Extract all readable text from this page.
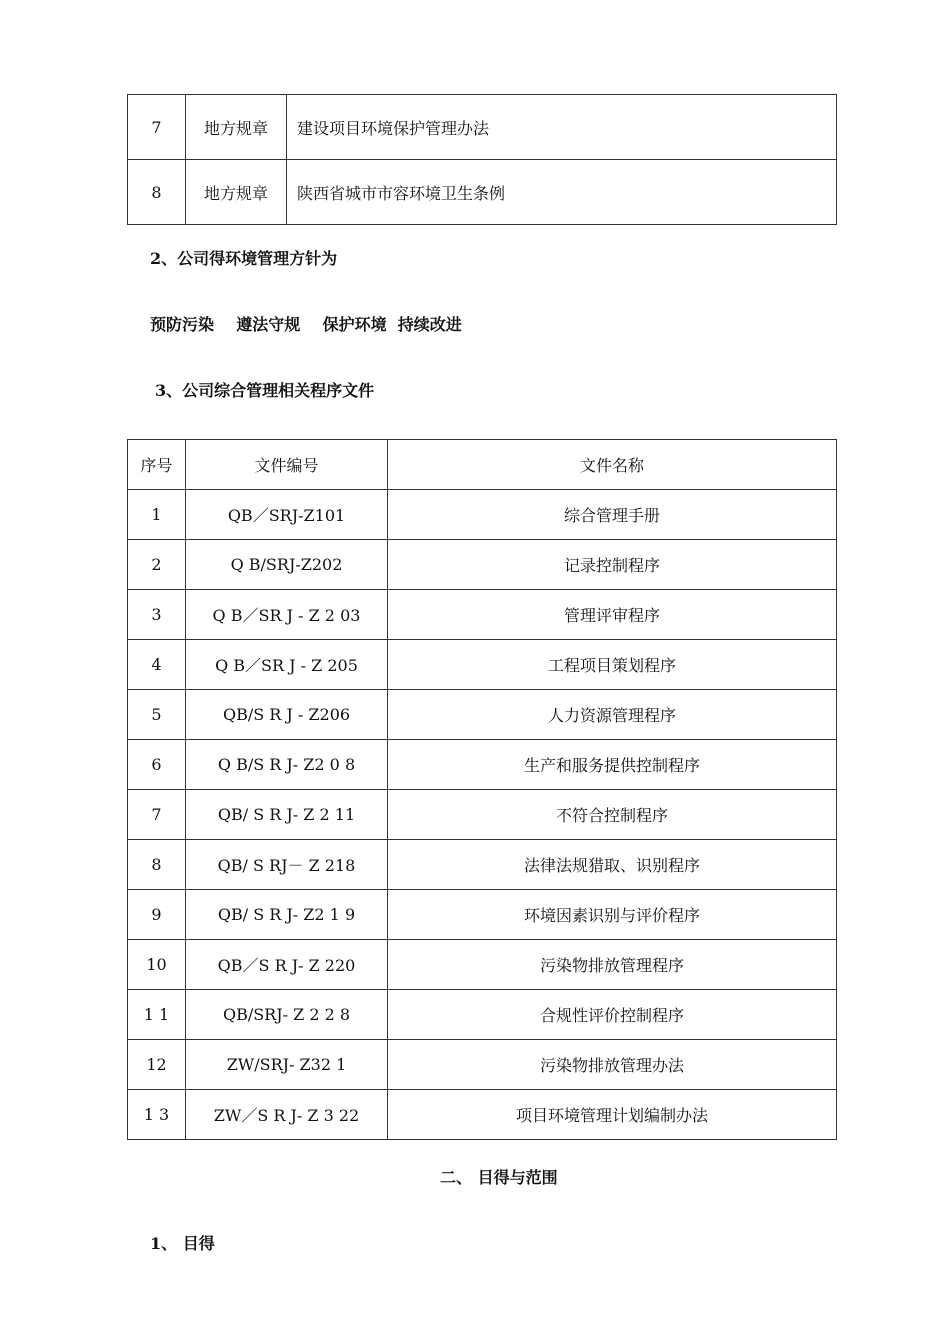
7	地方规章	建设项目环境保护管理办法
8	地方规章	陕西省城市市容环境卫生条例

2、公司得环境管理方针为

预防污染    遵法守规    保护环境  持续改进

3、公司综合管理相关程序文件

序号	文件编号	文件名称
1	QB／SRJ-Z101	综合管理手册
2	Q B/SRJ-Z202	记录控制程序
3	Q B／SR J - Z 2 03	管理评审程序
4	Q B／SR J - Z 205	工程项目策划程序
5	QB/S R J - Z206	人力资源管理程序
6	Q B/S R J- Z2 0 8	生产和服务提供控制程序
7	QB/ S R J- Z 2 11	不符合控制程序
8	QB/ S RJ－ Z 218	法律法规猎取、识别程序
9	QB/ S R J- Z2 1 9	环境因素识别与评价程序
10	QB／S R J- Z 220	污染物排放管理程序
1 1	QB/SRJ- Z 2 2 8	合规性评价控制程序
12	ZW/SRJ- Z32 1	污染物排放管理办法
1 3	ZW／S R J- Z 3 22	项目环境管理计划编制办法

二、 目得与范围

1、 目得
